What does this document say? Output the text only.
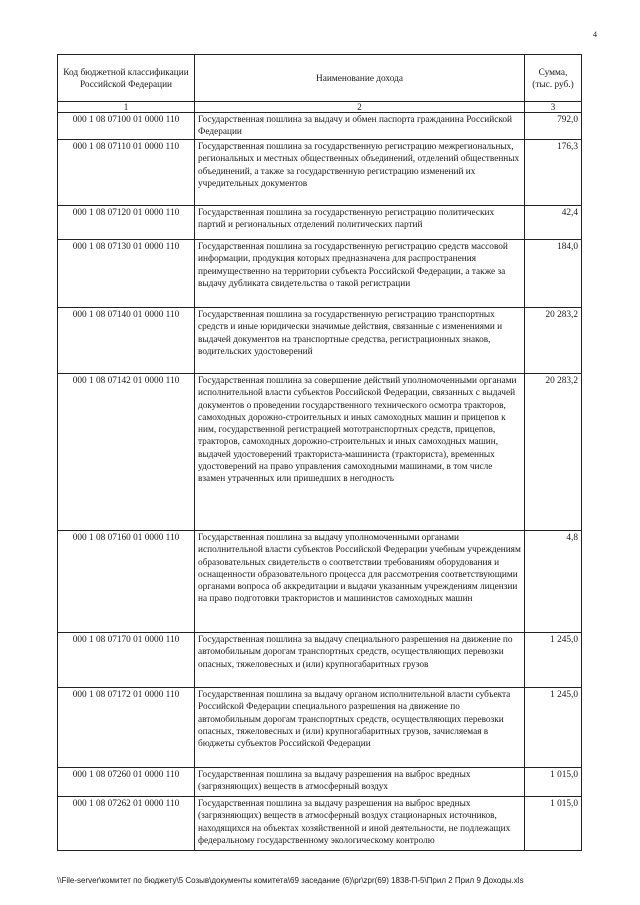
4
Код бюджетной классификации Российской Федерации	Наименование дохода	Сумма, (тыс. руб.)
1	2	3
000 1 08 07100 01 0000 110	Государственная пошлина за выдачу и обмен паспорта гражданина Российской Федерации	792,0
000 1 08 07110 01 0000 110	Государственная пошлина за государственную регистрацию межрегиональных, региональных и местных общественных объединений, отделений общественных объединений, а также за государственную регистрацию изменений их учредительных документов	176,3
000 1 08 07120 01 0000 110	Государственная пошлина за государственную регистрацию политических партий и региональных отделений политических партий	42,4
000 1 08 07130 01 0000 110	Государственная пошлина за государственную регистрацию средств массовой информации, продукция которых предназначена для распространения преимущественно на территории субъекта Российской Федерации, а также за выдачу дубликата свидетельства о такой регистрации	184,0
000 1 08 07140 01 0000 110	Государственная пошлина за государственную регистрацию транспортных средств и иные юридически значимые действия, связанные с изменениями и выдачей документов на транспортные средства, регистрационных знаков, водительских удостоверений	20 283,2
000 1 08 07142 01 0000 110	Государственная пошлина за совершение действий уполномоченными органами исполнительной власти субъектов Российской Федерации, связанных с выдачей документов о проведении государственного технического осмотра тракторов, самоходных дорожно-строительных и иных самоходных машин и прицепов к ним, государственной регистрацией мототранспортных средств, прицепов, тракторов, самоходных дорожно-строительных и иных самоходных машин, выдачей удостоверений тракториста-машиниста (тракториста), временных удостоверений на право управления самоходными машинами, в том числе взамен утраченных или пришедших в негодность	20 283,2
000 1 08 07160 01 0000 110	Государственная пошлина за выдачу уполномоченными органами исполнительной власти субъектов Российской Федерации учебным учреждениям образовательных свидетельств о соответствии требованиям оборудования и оснащенности образовательного процесса для рассмотрения соответствующими органами вопроса об аккредитации и выдачи указанным учреждениям лицензии на право подготовки трактористов и машинистов самоходных машин	4,8
000 1 08 07170 01 0000 110	Государственная пошлина за выдачу специального разрешения на движение по автомобильным дорогам транспортных средств, осуществляющих перевозки опасных, тяжеловесных и (или) крупногабаритных грузов	1 245,0
000 1 08 07172 01 0000 110	Государственная пошлина за выдачу органом исполнительной власти субъекта Российской Федерации специального разрешения на движение по автомобильным дорогам транспортных средств, осуществляющих перевозки опасных, тяжеловесных и (или) крупногабаритных грузов, зачисляемая в бюджеты субъектов Российской Федерации	1 245,0
000 1 08 07260 01 0000 110	Государственная пошлина за выдачу разрешения на выброс вредных (загрязняющих) веществ в атмосферный воздух	1 015,0
000 1 08 07262 01 0000 110	Государственная пошлина за выдачу разрешения на выброс вредных (загрязняющих) веществ в атмосферный воздух стационарных источников, находящихся на объектах хозяйственной и иной деятельности, не подлежащих федеральному государственному экологическому контролю	1 015,0
\\File-server\комитет по бюджету\5 Созыв\документы комитета\69 заседание (6)\pr\zpr(69) 1838-П-5\Прил 2 Прил 9 Доходы.xls
